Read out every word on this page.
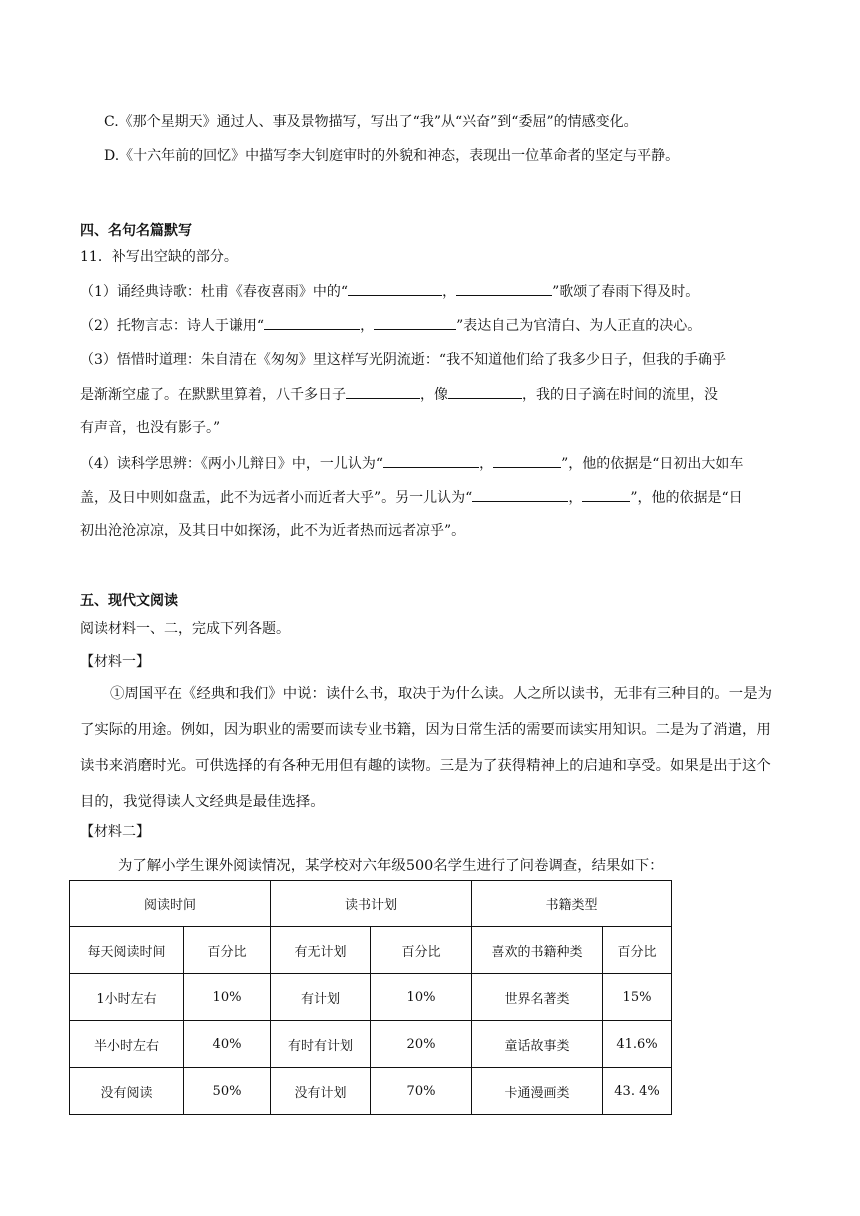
C.《那个星期天》通过人、事及景物描写，写出了“我”从“兴奋”到“委屈”的情感变化。
D.《十六年前的回忆》中描写李大钊庭审时的外貌和神态，表现出一位革命者的坚定与平静。
四、名句名篇默写
11．补写出空缺的部分。
（1）诵经典诗歌：杜甫《春夜喜雨》中的“	，	”歌颂了春雨下得及时。
（2）托物言志：诗人于谦用“	，	”表达自己为官清白、为人正直的决心。
（3）悟惜时道理：朱自清在《匆匆》里这样写光阴流逝：“我不知道他们给了我多少日子，但我的手确乎
是渐渐空虚了。在默默里算着，八千多日子	，像	，我的日子滴在时间的流里，没
有声音，也没有影子。”
（4）读科学思辨：《两小儿辩日》中，一儿认为“	，	”，他的依据是“日初出大如车
盖，及日中则如盘盂，此不为远者小而近者大乎”。另一儿认为“	，	”，他的依据是“日
初出沧沧凉凉，及其日中如探汤，此不为近者热而远者凉乎”。
五、现代文阅读
阅读材料一、二，完成下列各题。
【材料一】
①周国平在《经典和我们》中说：读什么书，取决于为什么读。人之所以读书，无非有三种目的。一是为了实际的用途。例如，因为职业的需要而读专业书籍，因为日常生活的需要而读实用知识。二是为了消遣，用读书来消磨时光。可供选择的有各种无用但有趣的读物。三是为了获得精神上的启迪和享受。如果是出于这个目的，我觉得读人文经典是最佳选择。
【材料二】
为了解小学生课外阅读情况，某学校对六年级500名学生进行了问卷调查，结果如下：
阅读时间		读书计划		书籍类型	
每天阅读时间	百分比	有无计划	百分比	喜欢的书籍种类	百分比
1小时左右	10%	有计划	10%	世界名著类	15%
半小时左右	40%	有时有计划	20%	童话故事类	41.6%
没有阅读	50%	没有计划	70%	卡通漫画类	43. 4%
